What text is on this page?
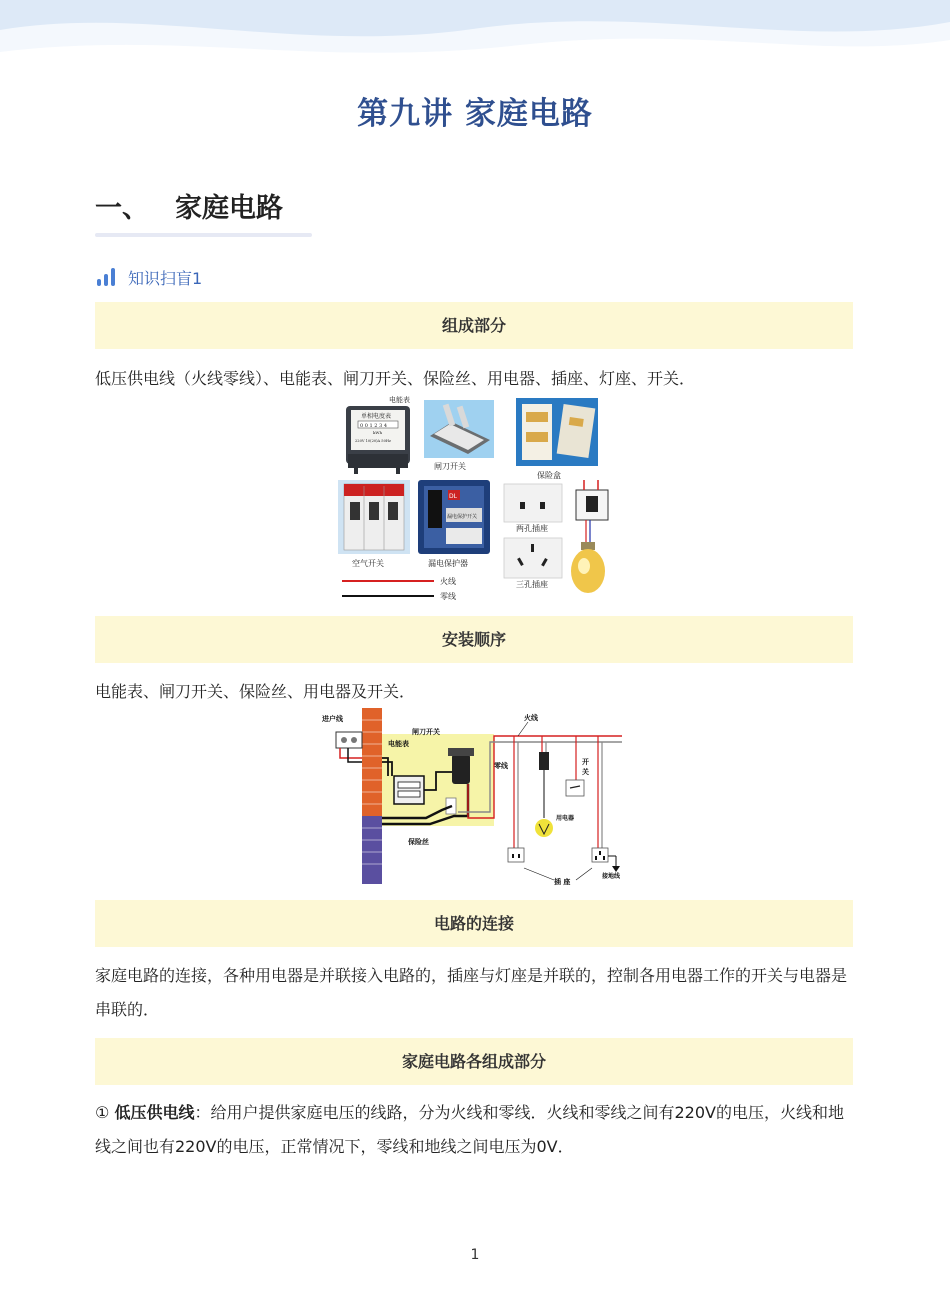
第九讲 家庭电路
一、 家庭电路
知识扫盲1
组成部分
低压供电线（火线零线）、电能表、闸刀开关、保险丝、用电器、插座、灯座、开关．
电能表
单相电度表
0 0 1 2 3 4
kWh
220V 10(20)A 50Hz
闸刀开关
保险盒
空气开关
DL
漏电保护开关
漏电保护器
两孔插座
三孔插座
火线
零线
安装顺序
电能表、闸刀开关、保险丝、用电器及开关．
进户线
电能表
闸刀开关
保险丝
火线
零线
用电器
开
关
插 座
接地线
电路的连接
家庭电路的连接，各种用电器是并联接入电路的，插座与灯座是并联的，控制各用电器工作的开关与电器是串联的．
家庭电路各组成部分
① 低压供电线：给用户提供家庭电压的线路，分为火线和零线．火线和零线之间有220V的电压，火线和地线之间也有220V的电压，正常情况下，零线和地线之间电压为0V．
1
